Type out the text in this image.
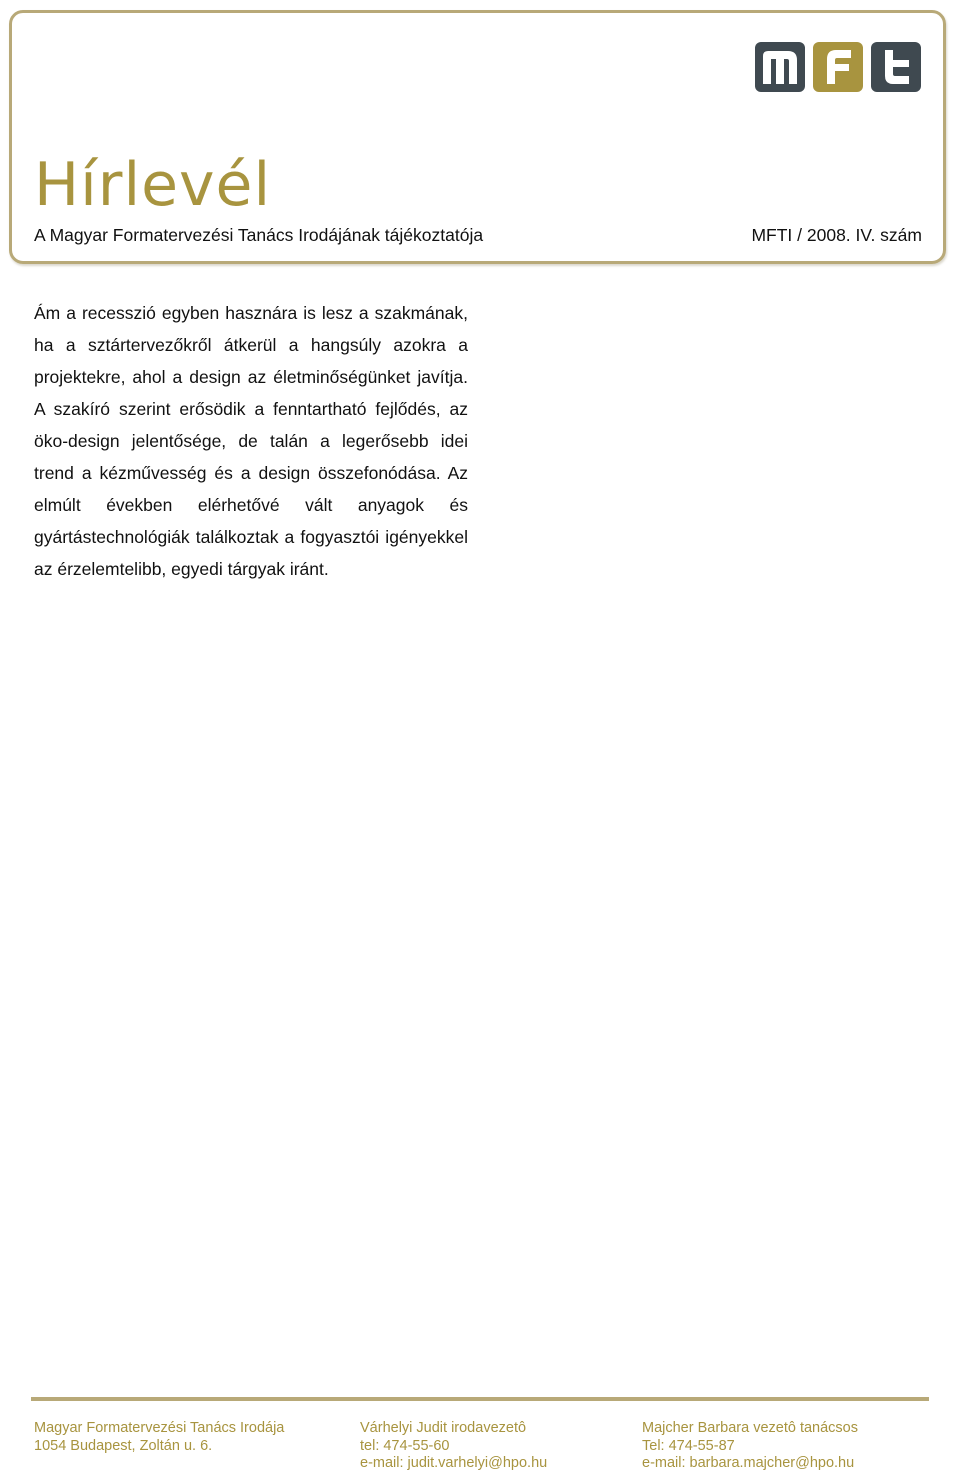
Hírlevél
A Magyar Formatervezési Tanács Irodájának tájékoztatója	MFTI / 2008. IV. szám
Ám a recesszió egyben hasznára is lesz a szakmának, ha a sztártervezőkről átkerül a hangsúly azokra a projektekre, ahol a design az életminőségünket javítja. A szakíró szerint erősödik a fenntartható fejlődés, az öko-design jelentősége, de talán a legerősebb idei trend a kézművesség és a design összefonódása. Az elmúlt években elérhetővé vált anyagok és gyártástechnológiák találkoztak a fogyasztói igényekkel az érzelemtelibb, egyedi tárgyak iránt.
Magyar Formatervezési Tanács Irodája
1054 Budapest, Zoltán u. 6.
Várhelyi Judit irodavezetô
tel: 474-55-60
e-mail: judit.varhelyi@hpo.hu
Majcher Barbara vezetô tanácsos
Tel: 474-55-87
e-mail: barbara.majcher@hpo.hu
